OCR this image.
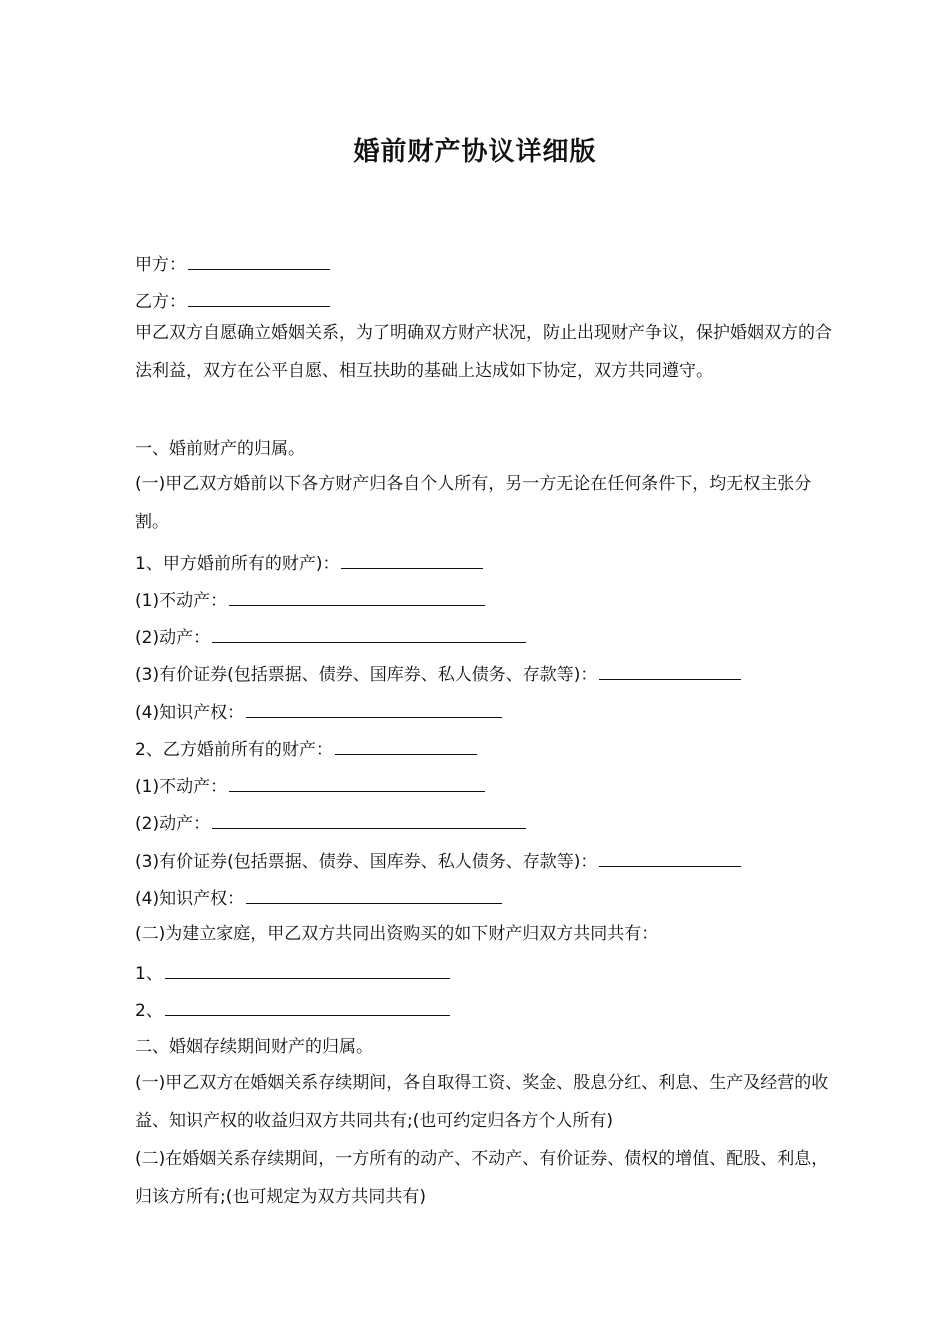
婚前财产协议详细版
甲方：
乙方：
甲乙双方自愿确立婚姻关系，为了明确双方财产状况，防止出现财产争议，保护婚姻双方的合法利益，双方在公平自愿、相互扶助的基础上达成如下协定，双方共同遵守。
一、婚前财产的归属。
(一)甲乙双方婚前以下各方财产归各自个人所有，另一方无论在任何条件下，均无权主张分割。
1、甲方婚前所有的财产)：
(1)不动产：
(2)动产：
(3)有价证券(包括票据、债券、国库券、私人债务、存款等)：
(4)知识产权：
2、乙方婚前所有的财产：
(1)不动产：
(2)动产：
(3)有价证券(包括票据、债券、国库券、私人债务、存款等)：
(4)知识产权：
(二)为建立家庭，甲乙双方共同出资购买的如下财产归双方共同共有：
1、
2、
二、婚姻存续期间财产的归属。
(一)甲乙双方在婚姻关系存续期间，各自取得工资、奖金、股息分红、利息、生产及经营的收益、知识产权的收益归双方共同共有;(也可约定归各方个人所有)
(二)在婚姻关系存续期间，一方所有的动产、不动产、有价证券、债权的增值、配股、利息，归该方所有;(也可规定为双方共同共有)
